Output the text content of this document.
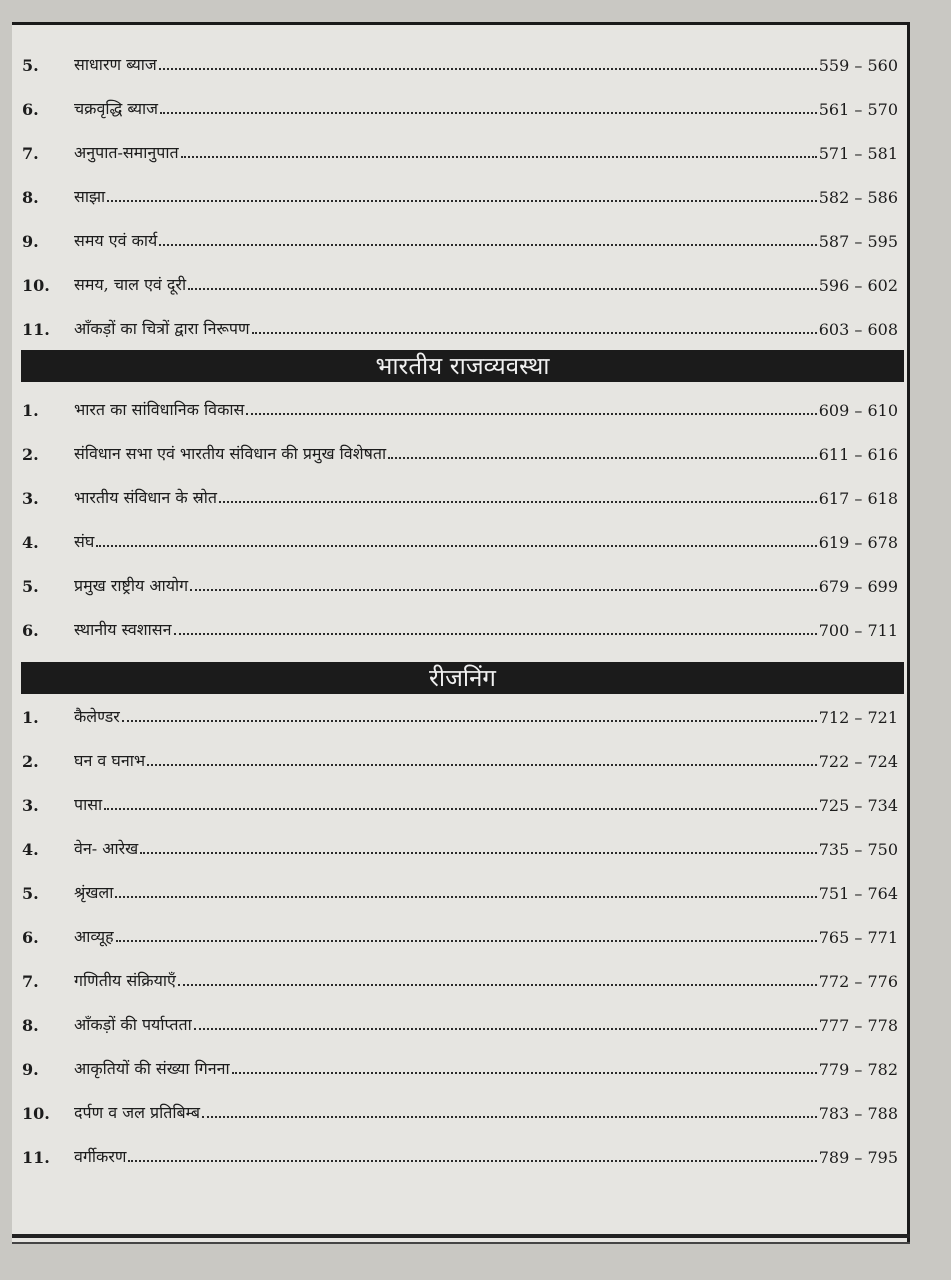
5.	साधारण ब्याज	559 – 560
6.	चक्रवृद्धि ब्याज	561 – 570
7.	अनुपात-समानुपात	571 – 581
8.	साझा	582 – 586
9.	समय एवं कार्य	587 – 595
10.	समय, चाल एवं दूरी	596 – 602
11.	आँकड़ों का चित्रों द्वारा निरूपण	603 – 608
भारतीय राजव्यवस्था
1.	भारत का सांविधानिक विकास	609 – 610
2.	संविधान सभा एवं भारतीय संविधान की प्रमुख विशेषता	611 – 616
3.	भारतीय संविधान के स्रोत	617 – 618
4.	संघ	619 – 678
5.	प्रमुख राष्ट्रीय आयोग	679 – 699
6.	स्थानीय स्वशासन	700 – 711
रीजनिंग
1.	कैलेण्डर	712 – 721
2.	घन व घनाभ	722 – 724
3.	पासा	725 – 734
4.	वेन- आरेख	735 – 750
5.	श्रृंखला	751 – 764
6.	आव्यूह	765 – 771
7.	गणितीय संक्रियाएँ	772 – 776
8.	आँकड़ों की पर्याप्तता	777 – 778
9.	आकृतियों की संख्या गिनना	779 – 782
10.	दर्पण व जल प्रतिबिम्ब	783 – 788
11.	वर्गीकरण	789 – 795
